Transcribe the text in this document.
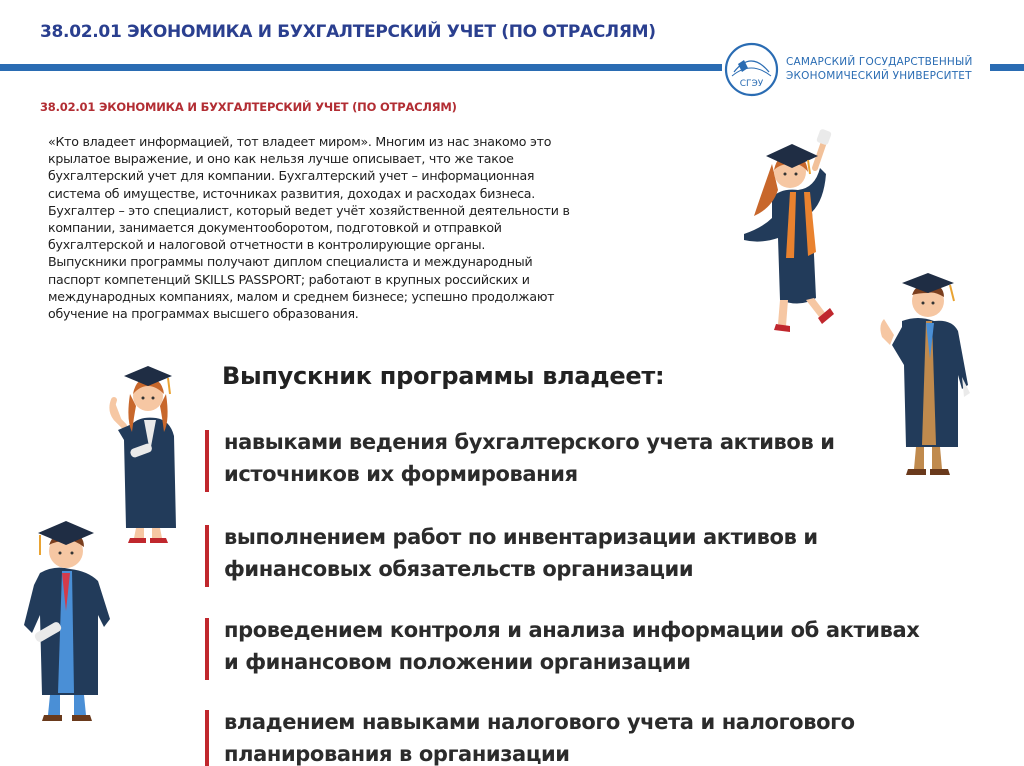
38.02.01 ЭКОНОМИКА И БУХГАЛТЕРСКИЙ УЧЕТ (ПО ОТРАСЛЯМ)
СГЭУ
САМАРСКИЙ ГОСУДАРСТВЕННЫЙ
ЭКОНОМИЧЕСКИЙ УНИВЕРСИТЕТ
38.02.01 ЭКОНОМИКА И БУХГАЛТЕРСКИЙ УЧЕТ (ПО ОТРАСЛЯМ)
«Кто владеет информацией, тот владеет миром». Многим из нас знакомо это
крылатое выражение, и оно как нельзя лучше описывает, что же такое
бухгалтерский учет для компании. Бухгалтерский учет – информационная
система об имуществе, источниках развития, доходах и расходах бизнеса.
Бухгалтер – это специалист, который ведет учёт хозяйственной деятельности в
компании, занимается документооборотом, подготовкой и отправкой
бухгалтерской и налоговой отчетности в контролирующие органы.
Выпускники программы получают диплом специалиста и международный
паспорт компетенций SKILLS PASSPORT; работают в крупных российских и
международных компаниях, малом и среднем бизнесе; успешно продолжают
обучение на программах высшего образования.
Выпускник программы владеет:
навыками ведения бухгалтерского учета активов и
источников их формирования
выполнением работ по инвентаризации активов и
финансовых обязательств организации
проведением контроля и анализа информации об активах
и финансовом положении организации
владением навыками налогового учета и налогового
планирования в организации
